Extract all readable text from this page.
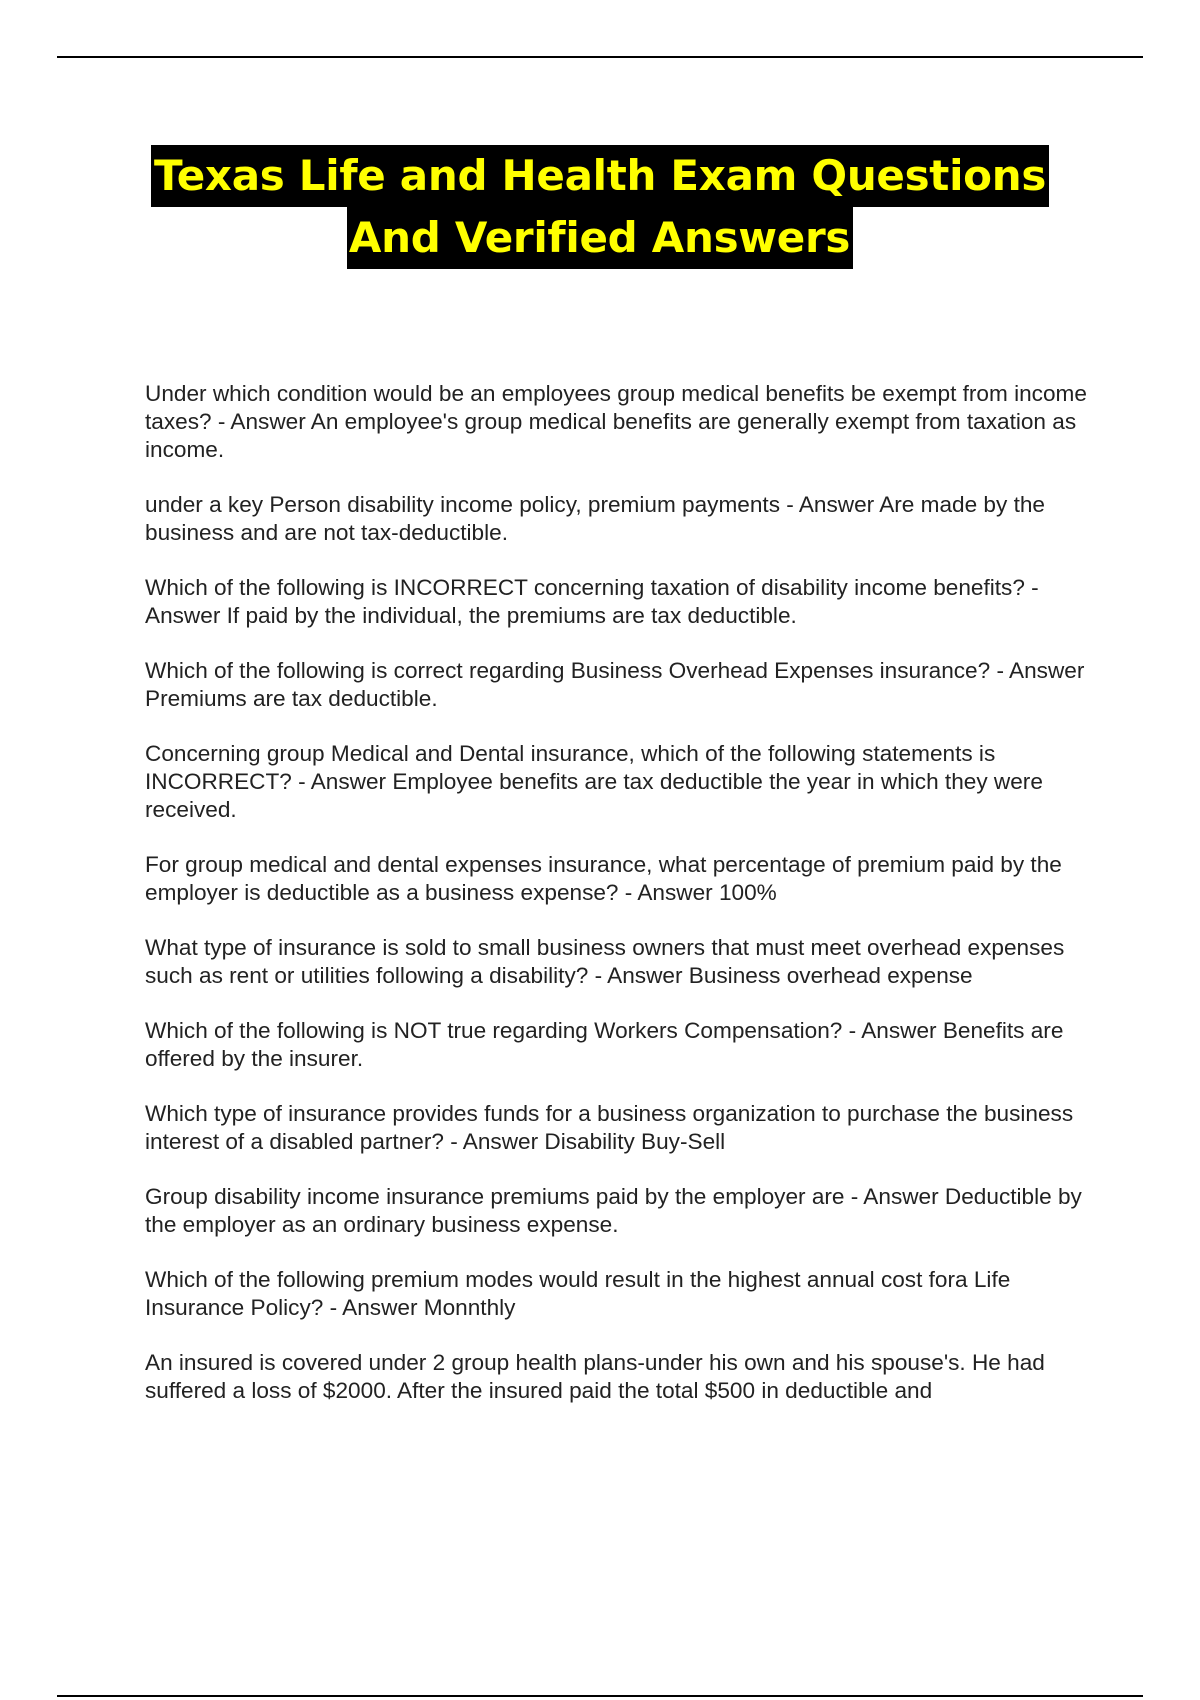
Texas Life and Health Exam Questions
And Verified Answers

Under which condition would be an employees group medical benefits be exempt from income taxes? - Answer An employee's group medical benefits are generally exempt from taxation as income.

under a key Person disability income policy, premium payments - Answer Are made by the business and are not tax-deductible.

Which of the following is INCORRECT concerning taxation of disability income benefits? - Answer If paid by the individual, the premiums are tax deductible.

Which of the following is correct regarding Business Overhead Expenses insurance? - Answer Premiums are tax deductible.

Concerning group Medical and Dental insurance, which of the following statements is INCORRECT? - Answer Employee benefits are tax deductible the year in which they were received.

For group medical and dental expenses insurance, what percentage of premium paid by the employer is deductible as a business expense? - Answer 100%

What type of insurance is sold to small business owners that must meet overhead expenses such as rent or utilities following a disability? - Answer Business overhead expense

Which of the following is NOT true regarding Workers Compensation? - Answer Benefits are offered by the insurer.

Which type of insurance provides funds for a business organization to purchase the business interest of a disabled partner? - Answer Disability Buy-Sell

Group disability income insurance premiums paid by the employer are - Answer Deductible by the employer as an ordinary business expense.

Which of the following premium modes would result in the highest annual cost fora Life Insurance Policy? - Answer Monnthly

An insured is covered under 2 group health plans-under his own and his spouse's. He had suffered a loss of $2000. After the insured paid the total $500 in deductible and
